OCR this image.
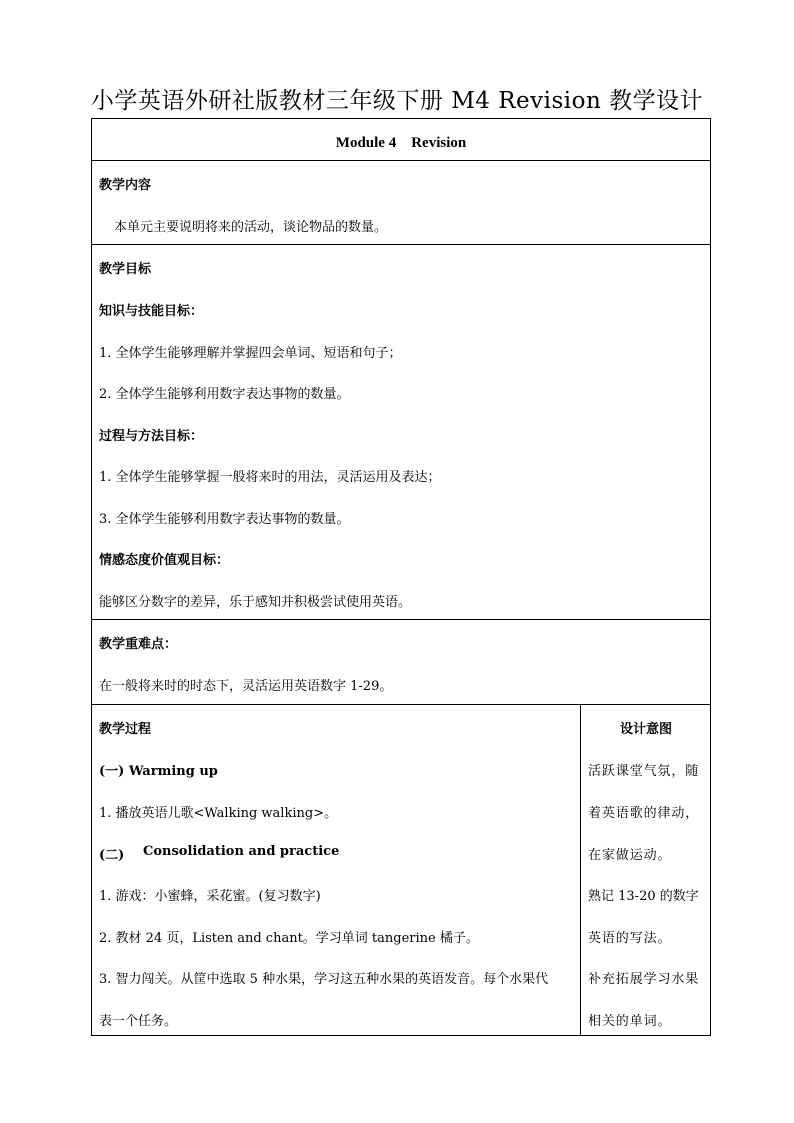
小学英语外研社版教材三年级下册 M4 Revision 教学设计
Module 4　Revision
教学内容
本单元主要说明将来的活动，谈论物品的数量。
教学目标
知识与技能目标：
1. 全体学生能够理解并掌握四会单词、短语和句子；
2. 全体学生能够利用数字表达事物的数量。
过程与方法目标：
1. 全体学生能够掌握一般将来时的用法，灵活运用及表达；
3. 全体学生能够利用数字表达事物的数量。
情感态度价值观目标：
能够区分数字的差异，乐于感知并积极尝试使用英语。
教学重难点：
在一般将来时的时态下，灵活运用英语数字 1-29。
教学过程
(一) Warming up
1. 播放英语儿歌<Walking walking>。
(二) Consolidation and practice
1. 游戏：小蜜蜂，采花蜜。(复习数字)
2. 教材 24 页，Listen and chant。学习单词 tangerine 橘子。
3. 智力闯关。从筐中选取 5 种水果，学习这五种水果的英语发音。每个水果代
表一个任务。
设计意图
活跃课堂气氛，随
着英语歌的律动，
在家做运动。
熟记 13-20 的数字
英语的写法。
补充拓展学习水果
相关的单词。
